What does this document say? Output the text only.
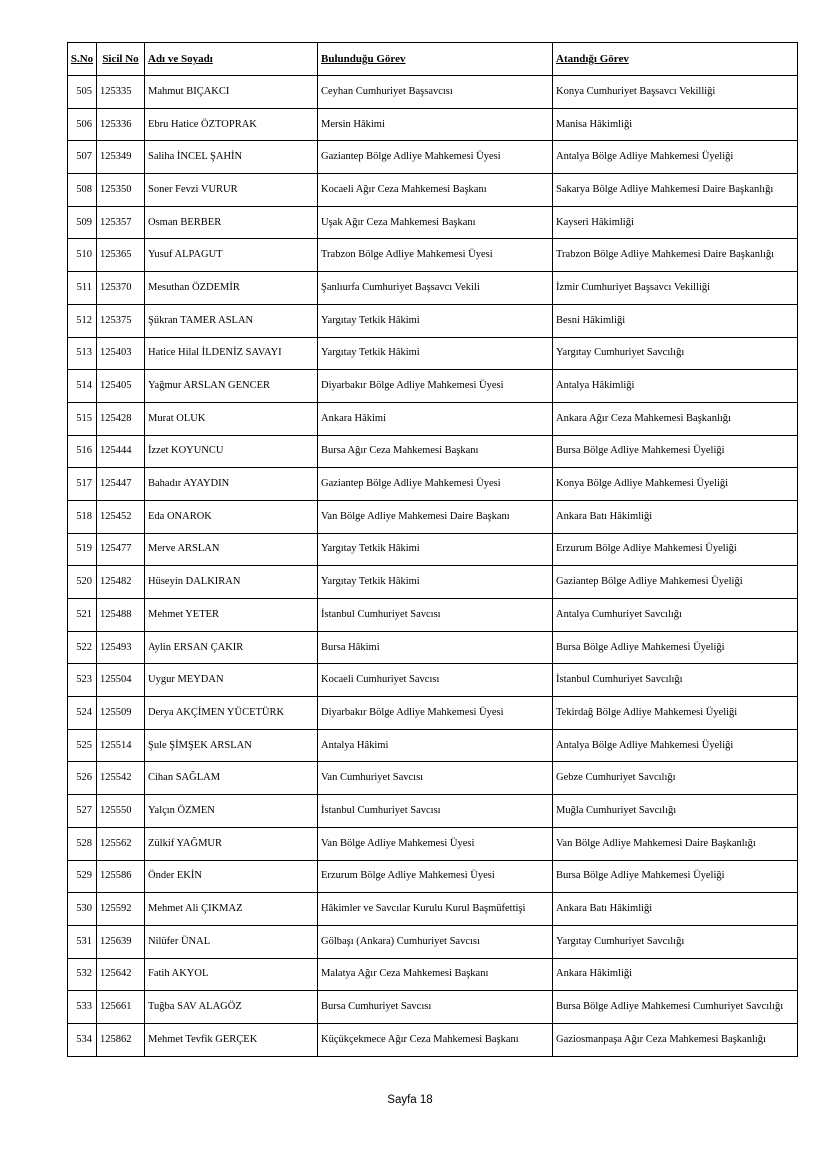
S.No	Sicil No	Adı ve Soyadı	Bulunduğu Görev	Atandığı Görev
505	125335	Mahmut BIÇAKCI	Ceyhan Cumhuriyet Başsavcısı	Konya Cumhuriyet Başsavcı Vekilliği
506	125336	Ebru Hatice ÖZTOPRAK	Mersin Hâkimi	Manisa Hâkimliği
507	125349	Saliha İNCEL ŞAHİN	Gaziantep Bölge Adliye Mahkemesi Üyesi	Antalya Bölge Adliye Mahkemesi Üyeliği
508	125350	Soner Fevzi VURUR	Kocaeli Ağır Ceza Mahkemesi Başkanı	Sakarya Bölge Adliye Mahkemesi Daire Başkanlığı
509	125357	Osman BERBER	Uşak Ağır Ceza Mahkemesi Başkanı	Kayseri Hâkimliği
510	125365	Yusuf ALPAGUT	Trabzon Bölge Adliye Mahkemesi Üyesi	Trabzon Bölge Adliye Mahkemesi Daire Başkanlığı
511	125370	Mesuthan ÖZDEMİR	Şanlıurfa Cumhuriyet Başsavcı Vekili	İzmir Cumhuriyet Başsavcı Vekilliği
512	125375	Şükran TAMER ASLAN	Yargıtay Tetkik Hâkimi	Besni Hâkimliği
513	125403	Hatice Hilal İLDENİZ SAVAYI	Yargıtay Tetkik Hâkimi	Yargıtay Cumhuriyet Savcılığı
514	125405	Yağmur ARSLAN GENCER	Diyarbakır Bölge Adliye Mahkemesi Üyesi	Antalya Hâkimliği
515	125428	Murat OLUK	Ankara Hâkimi	Ankara Ağır Ceza Mahkemesi Başkanlığı
516	125444	İzzet KOYUNCU	Bursa Ağır Ceza Mahkemesi Başkanı	Bursa Bölge Adliye Mahkemesi Üyeliği
517	125447	Bahadır AYAYDIN	Gaziantep Bölge Adliye Mahkemesi Üyesi	Konya Bölge Adliye Mahkemesi Üyeliği
518	125452	Eda ONAROK	Van Bölge Adliye Mahkemesi Daire Başkanı	Ankara Batı Hâkimliği
519	125477	Merve ARSLAN	Yargıtay Tetkik Hâkimi	Erzurum Bölge Adliye Mahkemesi Üyeliği
520	125482	Hüseyin DALKIRAN	Yargıtay Tetkik Hâkimi	Gaziantep Bölge Adliye Mahkemesi Üyeliği
521	125488	Mehmet YETER	İstanbul Cumhuriyet Savcısı	Antalya Cumhuriyet Savcılığı
522	125493	Aylin ERSAN ÇAKIR	Bursa Hâkimi	Bursa Bölge Adliye Mahkemesi Üyeliği
523	125504	Uygur MEYDAN	Kocaeli Cumhuriyet Savcısı	İstanbul Cumhuriyet Savcılığı
524	125509	Derya AKÇİMEN YÜCETÜRK	Diyarbakır Bölge Adliye Mahkemesi Üyesi	Tekirdağ Bölge Adliye Mahkemesi Üyeliği
525	125514	Şule ŞİMŞEK ARSLAN	Antalya Hâkimi	Antalya Bölge Adliye Mahkemesi Üyeliği
526	125542	Cihan SAĞLAM	Van Cumhuriyet Savcısı	Gebze Cumhuriyet Savcılığı
527	125550	Yalçın ÖZMEN	İstanbul Cumhuriyet Savcısı	Muğla Cumhuriyet Savcılığı
528	125562	Zülkif YAĞMUR	Van Bölge Adliye Mahkemesi Üyesi	Van Bölge Adliye Mahkemesi Daire Başkanlığı
529	125586	Önder EKİN	Erzurum Bölge Adliye Mahkemesi Üyesi	Bursa Bölge Adliye Mahkemesi Üyeliği
530	125592	Mehmet Ali ÇIKMAZ	Hâkimler ve Savcılar Kurulu Kurul Başmüfettişi	Ankara Batı Hâkimliği
531	125639	Nilüfer ÜNAL	Gölbaşı (Ankara) Cumhuriyet Savcısı	Yargıtay Cumhuriyet Savcılığı
532	125642	Fatih AKYOL	Malatya Ağır Ceza Mahkemesi Başkanı	Ankara Hâkimliği
533	125661	Tuğba SAV ALAGÖZ	Bursa Cumhuriyet Savcısı	Bursa Bölge Adliye Mahkemesi Cumhuriyet Savcılığı
534	125862	Mehmet Tevfik GERÇEK	Küçükçekmece Ağır Ceza Mahkemesi Başkanı	Gaziosmanpaşa Ağır Ceza Mahkemesi Başkanlığı
Sayfa 18
